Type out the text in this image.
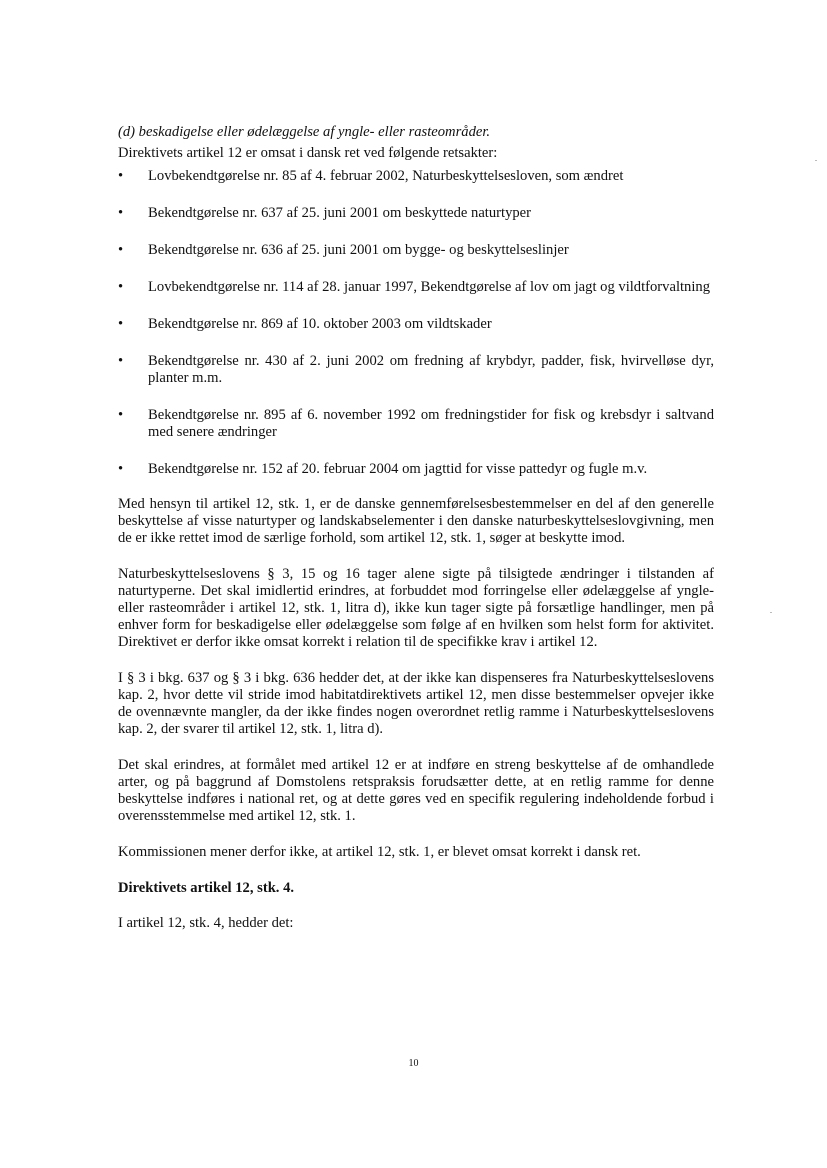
(d) beskadigelse eller ødelæggelse af yngle- eller rasteområder.

Direktivets artikel 12 er omsat i dansk ret ved følgende retsakter:

•	Lovbekendtgørelse nr. 85 af 4. februar 2002, Naturbeskyttelsesloven, som ændret
•	Bekendtgørelse nr. 637 af 25. juni 2001 om beskyttede naturtyper
•	Bekendtgørelse nr. 636 af 25. juni 2001 om bygge- og beskyttelseslinjer
•	Lovbekendtgørelse nr. 114 af 28. januar 1997, Bekendtgørelse af lov om jagt og vildtforvaltning
•	Bekendtgørelse nr. 869 af 10. oktober 2003 om vildtskader
•	Bekendtgørelse nr. 430 af 2. juni 2002 om fredning af krybdyr, padder, fisk, hvirvelløse dyr, planter m.m.
•	Bekendtgørelse nr. 895 af 6. november 1992 om fredningstider for fisk og krebsdyr i saltvand med senere ændringer
•	Bekendtgørelse nr. 152 af 20. februar 2004 om jagttid for visse pattedyr og fugle m.v.

Med hensyn til artikel 12, stk. 1, er de danske gennemførelsesbestemmelser en del af den generelle beskyttelse af visse naturtyper og landskabselementer i den danske naturbeskyttelseslovgivning, men de er ikke rettet imod de særlige forhold, som artikel 12, stk. 1, søger at beskytte imod.

Naturbeskyttelseslovens § 3, 15 og 16 tager alene sigte på tilsigtede ændringer i tilstanden af naturtyperne. Det skal imidlertid erindres, at forbuddet mod forringelse eller ødelæggelse af yngle- eller rasteområder i artikel 12, stk. 1, litra d), ikke kun tager sigte på forsætlige handlinger, men på enhver form for beskadigelse eller ødelæggelse som følge af en hvilken som helst form for aktivitet. Direktivet er derfor ikke omsat korrekt i relation til de specifikke krav i artikel 12.

I § 3 i bkg. 637 og § 3 i bkg. 636 hedder det, at der ikke kan dispenseres fra Naturbeskyttelseslovens kap. 2, hvor dette vil stride imod habitatdirektivets artikel 12, men disse bestemmelser opvejer ikke de ovennævnte mangler, da der ikke findes nogen overordnet retlig ramme i Naturbeskyttelseslovens kap. 2, der svarer til artikel 12, stk. 1, litra d).

Det skal erindres, at formålet med artikel 12 er at indføre en streng beskyttelse af de omhandlede arter, og på baggrund af Domstolens retspraksis forudsætter dette, at en retlig ramme for denne beskyttelse indføres i national ret, og at dette gøres ved en specifik regulering indeholdende forbud i overensstemmelse med artikel 12, stk. 1.

Kommissionen mener derfor ikke, at artikel 12, stk. 1, er blevet omsat korrekt i dansk ret.

Direktivets artikel 12, stk. 4.

I artikel 12, stk. 4, hedder det:

10
